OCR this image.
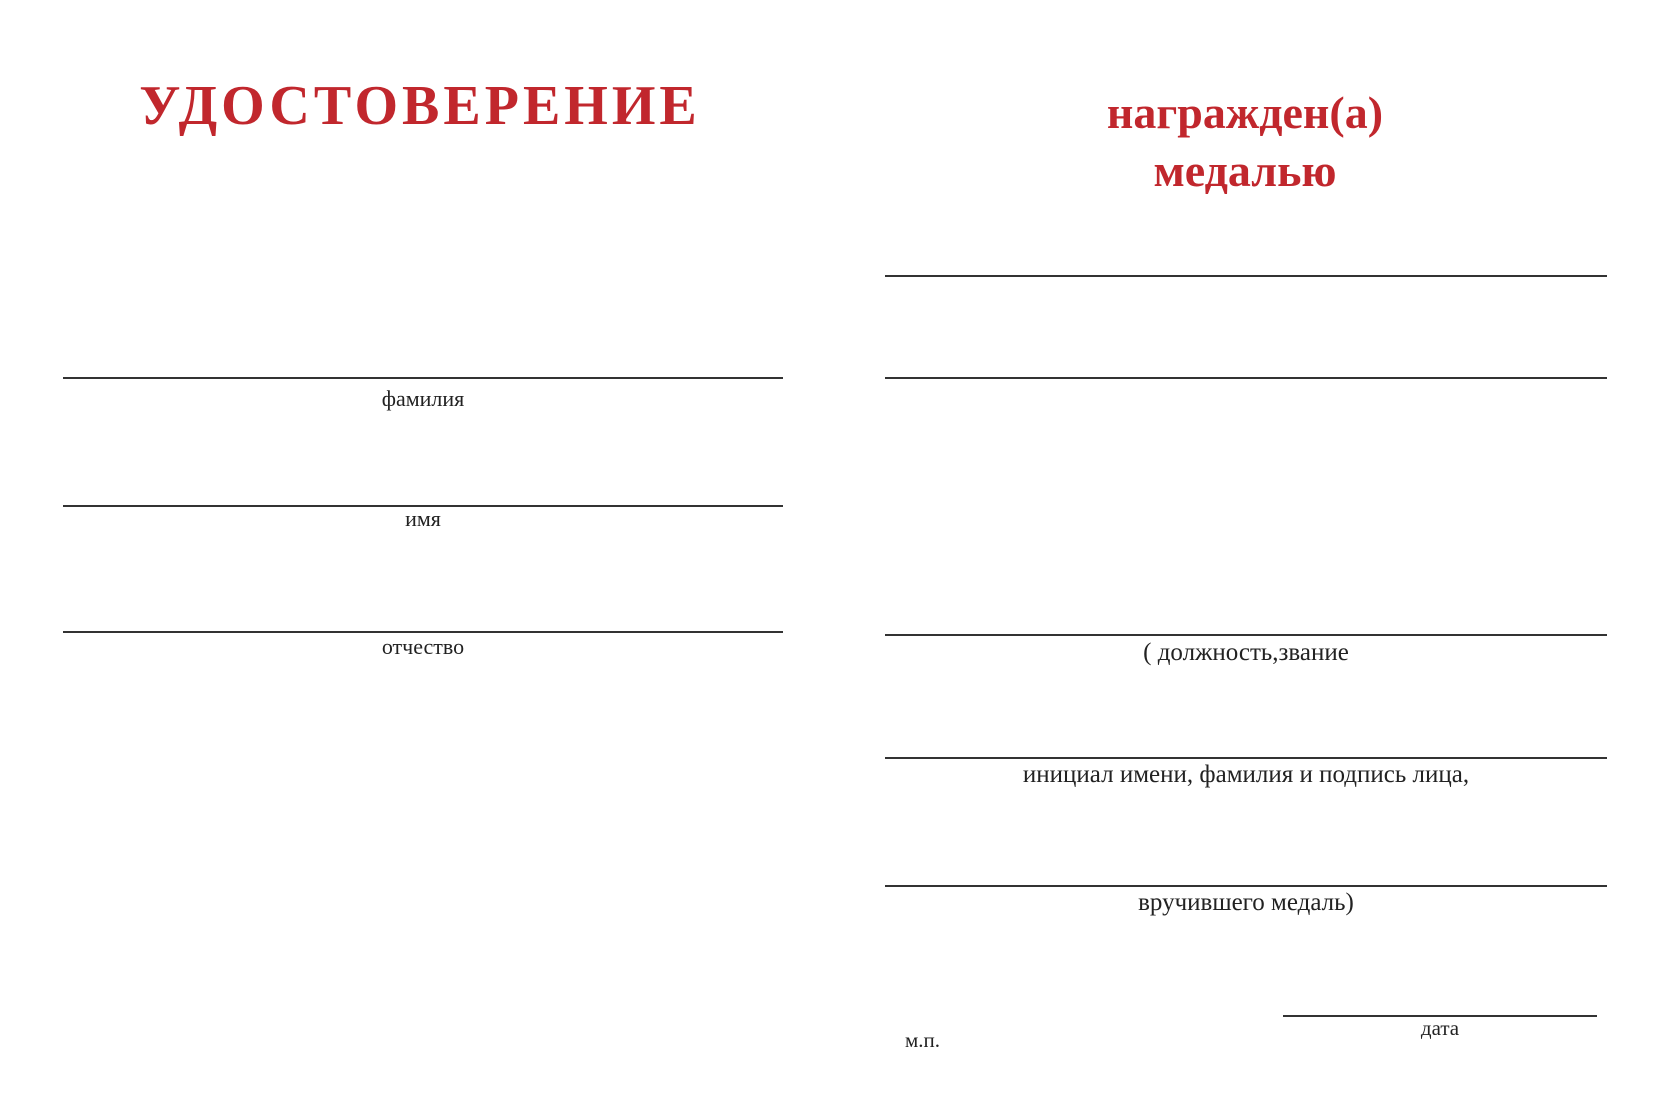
УДОСТОВЕРЕНИЕ
фамилия
имя
отчество
награжден(а)
медалью
( должность,звание
инициал имени, фамилия и подпись лица,
вручившего медаль)
м.п.	дата
